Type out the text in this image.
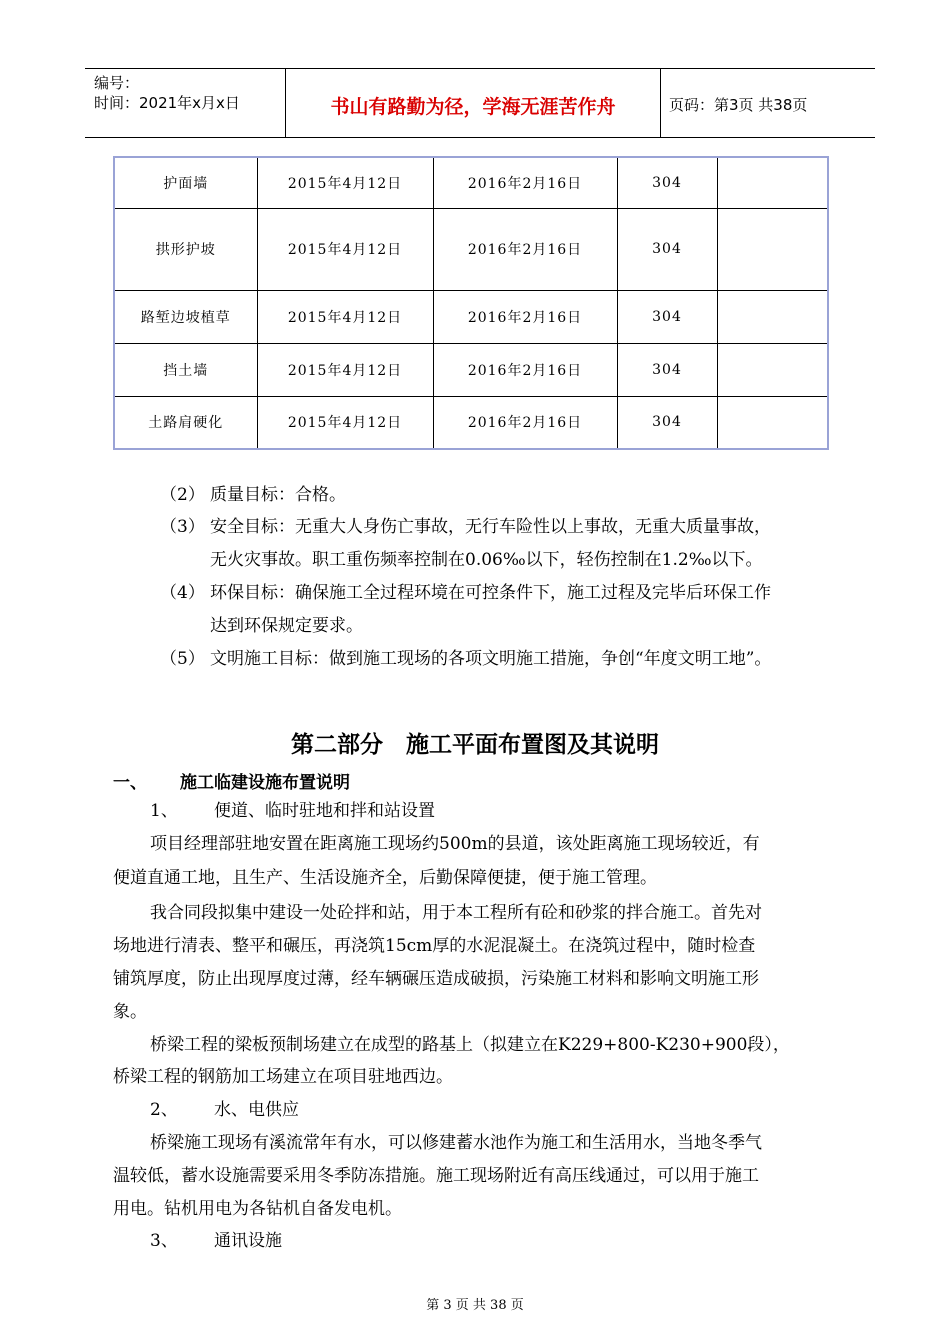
编号：
时间：2021年x月x日	书山有路勤为径，学海无涯苦作舟	页码：第3页 共38页
护面墙	2015年4月12日	2016年2月16日	304	
拱形护坡	2015年4月12日	2016年2月16日	304	
路堑边坡植草	2015年4月12日	2016年2月16日	304	
挡土墙	2015年4月12日	2016年2月16日	304	
土路肩硬化	2015年4月12日	2016年2月16日	304	
（2） 质量目标：合格。
（3） 安全目标：无重大人身伤亡事故，无行车险性以上事故，无重大质量事故，
无火灾事故。职工重伤频率控制在0.06‰以下，轻伤控制在1.2‰以下。
（4） 环保目标：确保施工全过程环境在可控条件下，施工过程及完毕后环保工作
达到环保规定要求。
（5） 文明施工目标：做到施工现场的各项文明施工措施，争创“年度文明工地”。
第二部分　施工平面布置图及其说明
一、 施工临建设施布置说明
1、 便道、临时驻地和拌和站设置
项目经理部驻地安置在距离施工现场约500m的县道，该处距离施工现场较近，有
便道直通工地，且生产、生活设施齐全，后勤保障便捷，便于施工管理。
我合同段拟集中建设一处砼拌和站，用于本工程所有砼和砂浆的拌合施工。首先对
场地进行清表、整平和碾压，再浇筑15cm厚的水泥混凝土。在浇筑过程中，随时检查
铺筑厚度，防止出现厚度过薄，经车辆碾压造成破损，污染施工材料和影响文明施工形
象。
桥梁工程的梁板预制场建立在成型的路基上（拟建立在K229+800-K230+900段），
桥梁工程的钢筋加工场建立在项目驻地西边。
2、 水、电供应
桥梁施工现场有溪流常年有水，可以修建蓄水池作为施工和生活用水，当地冬季气
温较低，蓄水设施需要采用冬季防冻措施。施工现场附近有高压线通过，可以用于施工
用电。钻机用电为各钻机自备发电机。
3、 通讯设施
第 3 页 共 38 页
